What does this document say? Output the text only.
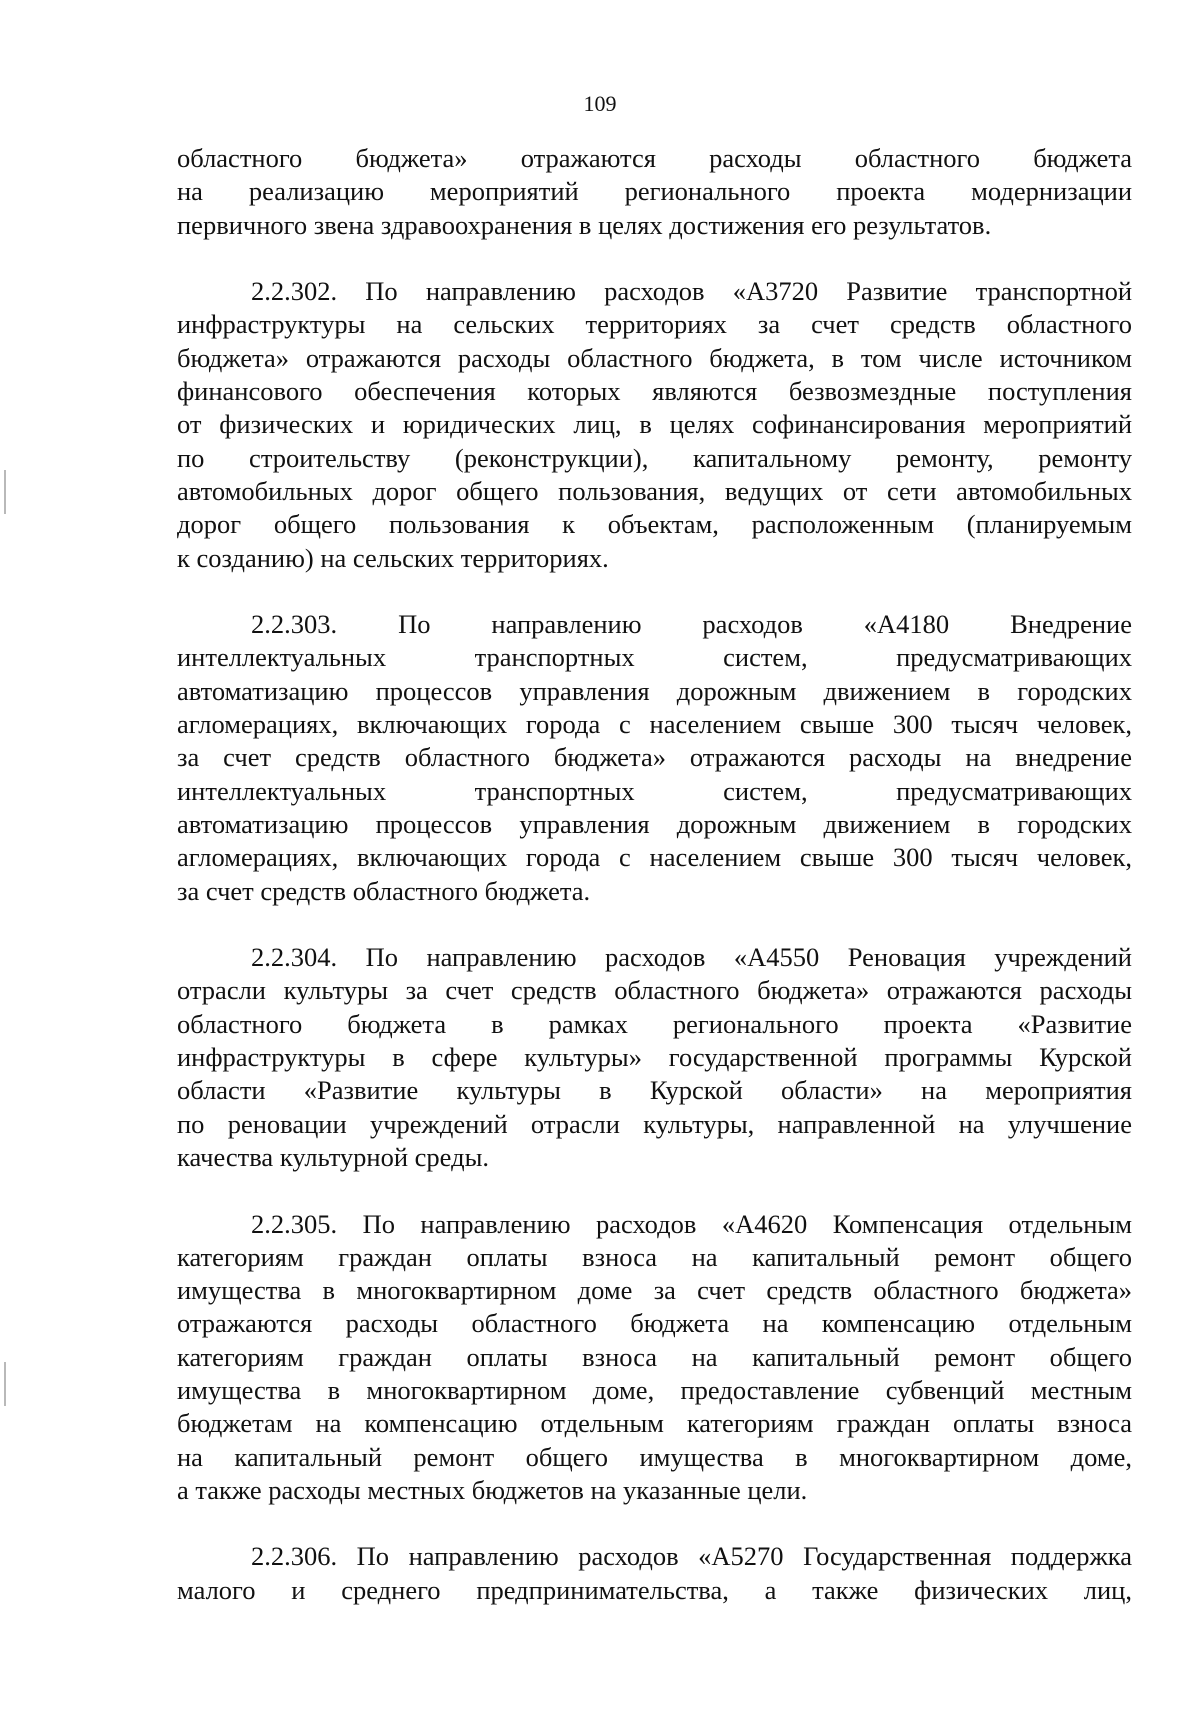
109
областного бюджета» отражаются расходы областного бюджета
на реализацию мероприятий регионального проекта модернизации
первичного звена здравоохранения в целях достижения его результатов.
2.2.302. По направлению расходов «А3720 Развитие транспортной
инфраструктуры на сельских территориях за счет средств областного
бюджета» отражаются расходы областного бюджета, в том числе источником
финансового обеспечения которых являются безвозмездные поступления
от физических и юридических лиц, в целях софинансирования мероприятий
по строительству (реконструкции), капитальному ремонту, ремонту
автомобильных дорог общего пользования, ведущих от сети автомобильных
дорог общего пользования к объектам, расположенным (планируемым
к созданию) на сельских территориях.
2.2.303. По направлению расходов «А4180 Внедрение
интеллектуальных транспортных систем, предусматривающих
автоматизацию процессов управления дорожным движением в городских
агломерациях, включающих города с населением свыше 300 тысяч человек,
за счет средств областного бюджета» отражаются расходы на внедрение
интеллектуальных транспортных систем, предусматривающих
автоматизацию процессов управления дорожным движением в городских
агломерациях, включающих города с населением свыше 300 тысяч человек,
за счет средств областного бюджета.
2.2.304. По направлению расходов «А4550 Реновация учреждений
отрасли культуры за счет средств областного бюджета» отражаются расходы
областного бюджета в рамках регионального проекта «Развитие
инфраструктуры в сфере культуры» государственной программы Курской
области «Развитие культуры в Курской области» на мероприятия
по реновации учреждений отрасли культуры, направленной на улучшение
качества культурной среды.
2.2.305. По направлению расходов «А4620 Компенсация отдельным
категориям граждан оплаты взноса на капитальный ремонт общего
имущества в многоквартирном доме за счет средств областного бюджета»
отражаются расходы областного бюджета на компенсацию отдельным
категориям граждан оплаты взноса на капитальный ремонт общего
имущества в многоквартирном доме, предоставление субвенций местным
бюджетам на компенсацию отдельным категориям граждан оплаты взноса
на капитальный ремонт общего имущества в многоквартирном доме,
а также расходы местных бюджетов на указанные цели.
2.2.306. По направлению расходов «А5270 Государственная поддержка
малого и среднего предпринимательства, а также физических лиц,
